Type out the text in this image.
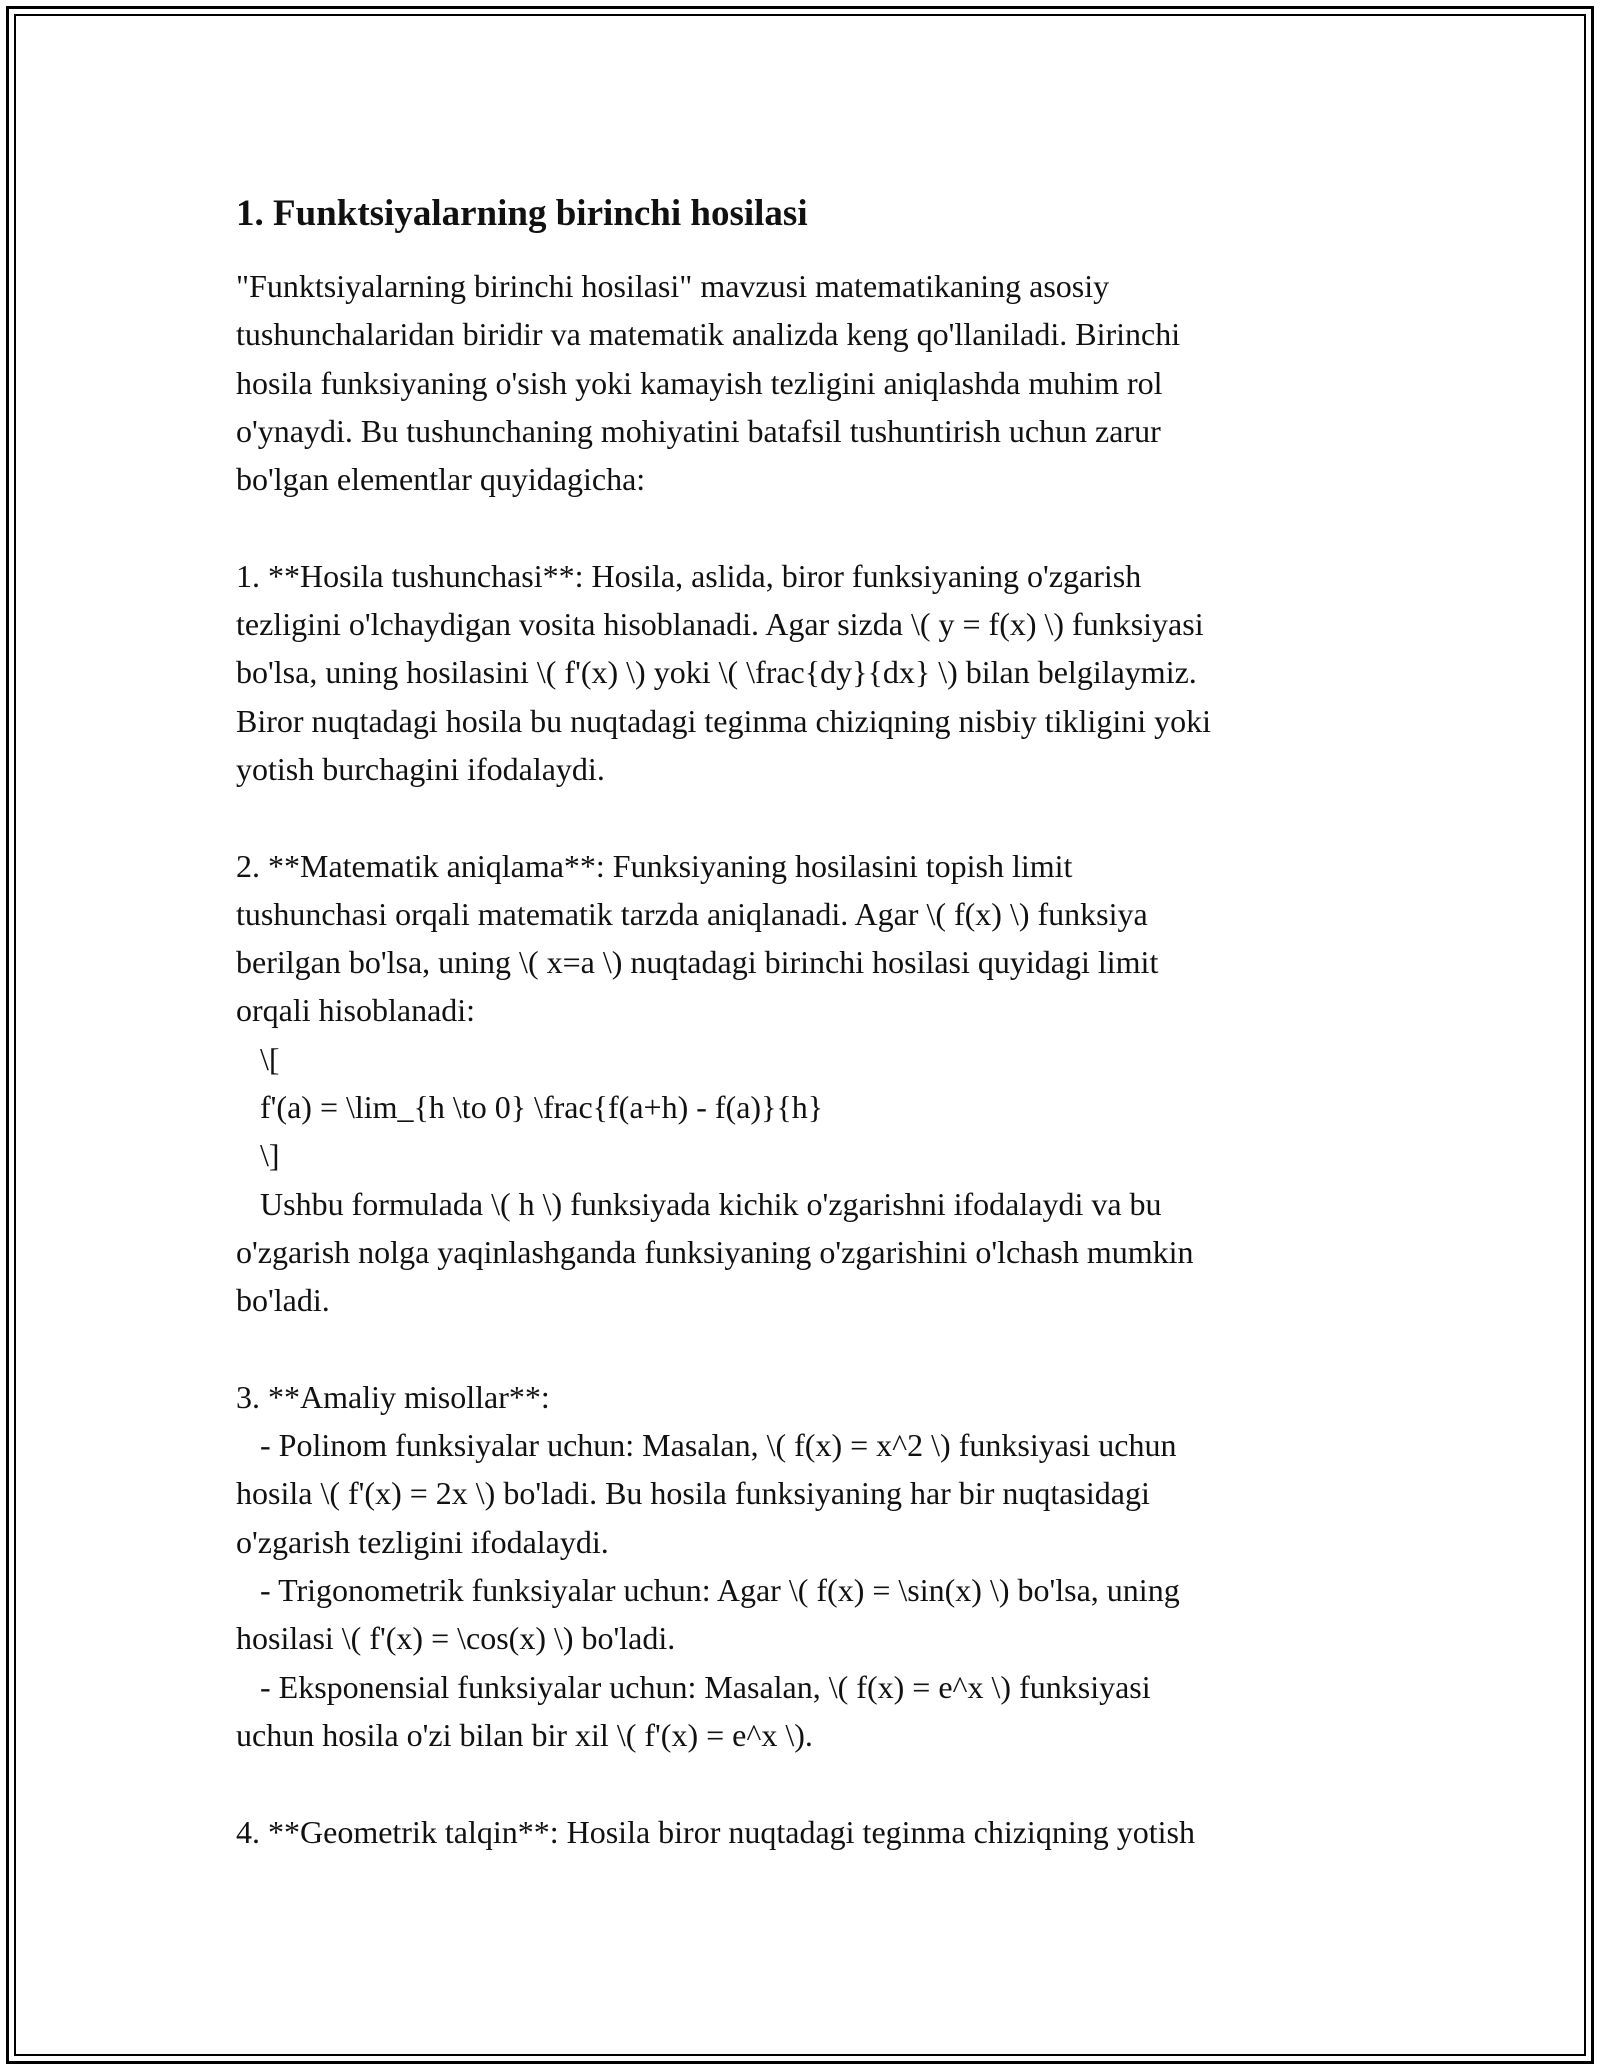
1. Funktsiyalarning birinchi hosilasi
"Funktsiyalarning birinchi hosilasi" mavzusi matematikaning asosiy
tushunchalaridan biridir va matematik analizda keng qo'llaniladi. Birinchi
hosila funksiyaning o'sish yoki kamayish tezligini aniqlashda muhim rol
o'ynaydi. Bu tushunchaning mohiyatini batafsil tushuntirish uchun zarur
bo'lgan elementlar quyidagicha:

1. **Hosila tushunchasi**: Hosila, aslida, biror funksiyaning o'zgarish
tezligini o'lchaydigan vosita hisoblanadi. Agar sizda \( y = f(x) \) funksiyasi
bo'lsa, uning hosilasini \( f'(x) \) yoki \( \frac{dy}{dx} \) bilan belgilaymiz.
Biror nuqtadagi hosila bu nuqtadagi teginma chiziqning nisbiy tikligini yoki
yotish burchagini ifodalaydi.

2. **Matematik aniqlama**: Funksiyaning hosilasini topish limit
tushunchasi orqali matematik tarzda aniqlanadi. Agar \( f(x) \) funksiya
berilgan bo'lsa, uning \( x=a \) nuqtadagi birinchi hosilasi quyidagi limit
orqali hisoblanadi:
\[
f'(a) = \lim_{h \to 0} \frac{f(a+h) - f(a)}{h}
\]
Ushbu formulada \( h \) funksiyada kichik o'zgarishni ifodalaydi va bu
o'zgarish nolga yaqinlashganda funksiyaning o'zgarishini o'lchash mumkin
bo'ladi.

3. **Amaliy misollar**:
- Polinom funksiyalar uchun: Masalan, \( f(x) = x^2 \) funksiyasi uchun
hosila \( f'(x) = 2x \) bo'ladi. Bu hosila funksiyaning har bir nuqtasidagi
o'zgarish tezligini ifodalaydi.
- Trigonometrik funksiyalar uchun: Agar \( f(x) = \sin(x) \) bo'lsa, uning
hosilasi \( f'(x) = \cos(x) \) bo'ladi.
- Eksponensial funksiyalar uchun: Masalan, \( f(x) = e^x \) funksiyasi
uchun hosila o'zi bilan bir xil \( f'(x) = e^x \).

4. **Geometrik talqin**: Hosila biror nuqtadagi teginma chiziqning yotish
